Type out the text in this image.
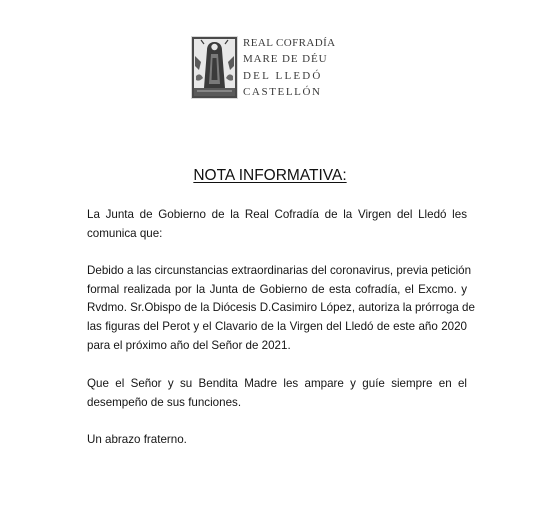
REAL COFRADÍA
MARE DE DÉU
DEL LLEDÓ
CASTELLÓN
NOTA INFORMATIVA:

La Junta de Gobierno de la Real Cofradía de la Virgen del Lledó les
comunica que:

Debido a las circunstancias extraordinarias del coronavirus, previa petición
formal realizada por la Junta de Gobierno de esta cofradía, el Excmo. y
Rvdmo. Sr.Obispo de la Diócesis D.Casimiro López, autoriza la prórroga de
las figuras del Perot y el Clavario de la Virgen del Lledó de este año 2020
para el próximo año del Señor de 2021.

Que el Señor y su Bendita Madre les ampare y guíe siempre en el
desempeño de sus funciones.

Un abrazo fraterno.
